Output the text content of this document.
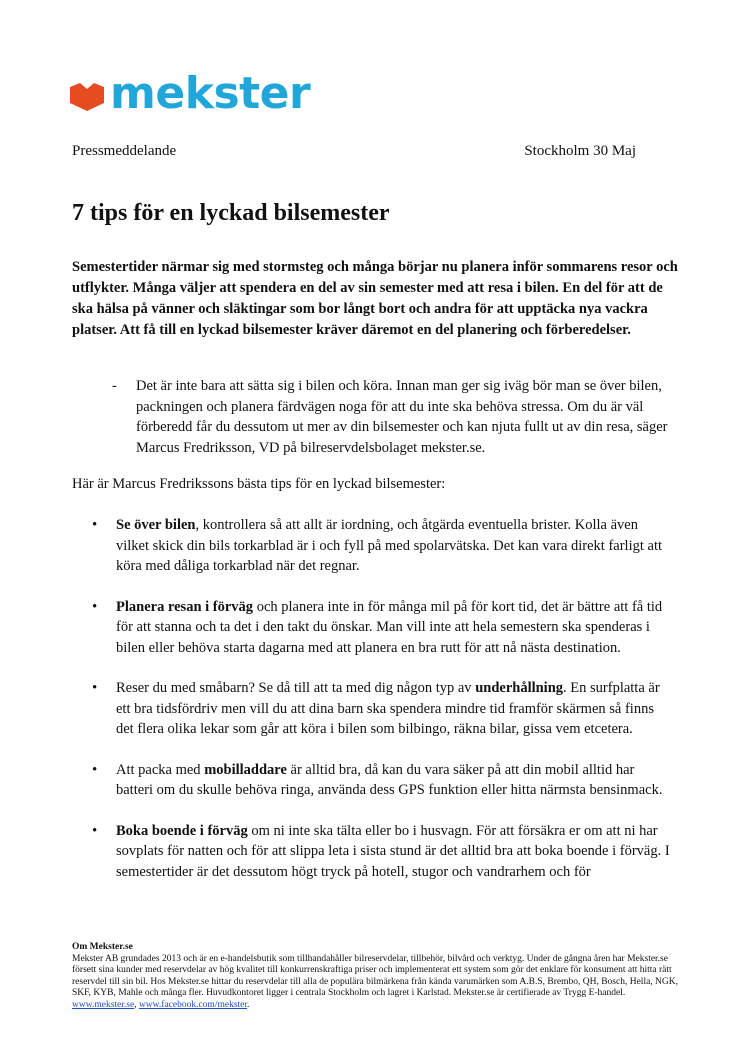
mekster
Pressmeddelande	Stockholm 30 Maj
7 tips för en lyckad bilsemester

Semestertider närmar sig med stormsteg och många börjar nu planera inför sommarens resor och utflykter. Många väljer att spendera en del av sin semester med att resa i bilen. En del för att de ska hälsa på vänner och släktingar som bor långt bort och andra för att upptäcka nya vackra platser. Att få till en lyckad bilsemester kräver däremot en del planering och förberedelser.

- Det är inte bara att sätta sig i bilen och köra. Innan man ger sig iväg bör man se över bilen, packningen och planera färdvägen noga för att du inte ska behöva stressa. Om du är väl förberedd får du dessutom ut mer av din bilsemester och kan njuta fullt ut av din resa, säger Marcus Fredriksson, VD på bilreservdelsbolaget mekster.se.

Här är Marcus Fredrikssons bästa tips för en lyckad bilsemester:

• Se över bilen, kontrollera så att allt är iordning, och åtgärda eventuella brister. Kolla även vilket skick din bils torkarblad är i och fyll på med spolarvätska. Det kan vara direkt farligt att köra med dåliga torkarblad när det regnar.
• Planera resan i förväg och planera inte in för många mil på för kort tid, det är bättre att få tid för att stanna och ta det i den takt du önskar. Man vill inte att hela semestern ska spenderas i bilen eller behöva starta dagarna med att planera en bra rutt för att nå nästa destination.
• Reser du med småbarn? Se då till att ta med dig någon typ av underhållning. En surfplatta är ett bra tidsfördriv men vill du att dina barn ska spendera mindre tid framför skärmen så finns det flera olika lekar som går att köra i bilen som bilbingo, räkna bilar, gissa vem etcetera.
• Att packa med mobilladdare är alltid bra, då kan du vara säker på att din mobil alltid har batteri om du skulle behöva ringa, använda dess GPS funktion eller hitta närmsta bensinmack.
• Boka boende i förväg om ni inte ska tälta eller bo i husvagn. För att försäkra er om att ni har sovplats för natten och för att slippa leta i sista stund är det alltid bra att boka boende i förväg. I semestertider är det dessutom högt tryck på hotell, stugor och vandrarhem och för
Om Mekster.se
Mekster AB grundades 2013 och är en e-handelsbutik som tillhandahåller bilreservdelar, tillbehör, bilvård och verktyg. Under de gångna åren har Mekster.se försett sina kunder med reservdelar av hög kvalitet till konkurrenskraftiga priser och implementerat ett system som gör det enklare för konsument att hitta rätt reservdel till sin bil. Hos Mekster.se hittar du reservdelar till alla de populära bilmärkena från kända varumärken som A.B.S, Brembo, QH, Bosch, Hella, NGK, SKF, KYB, Mahle och många fler. Huvudkontoret ligger i centrala Stockholm och lagret i Karlstad. Mekster.se är certifierade av Trygg E-handel. www.mekster.se, www.facebook.com/mekster.
